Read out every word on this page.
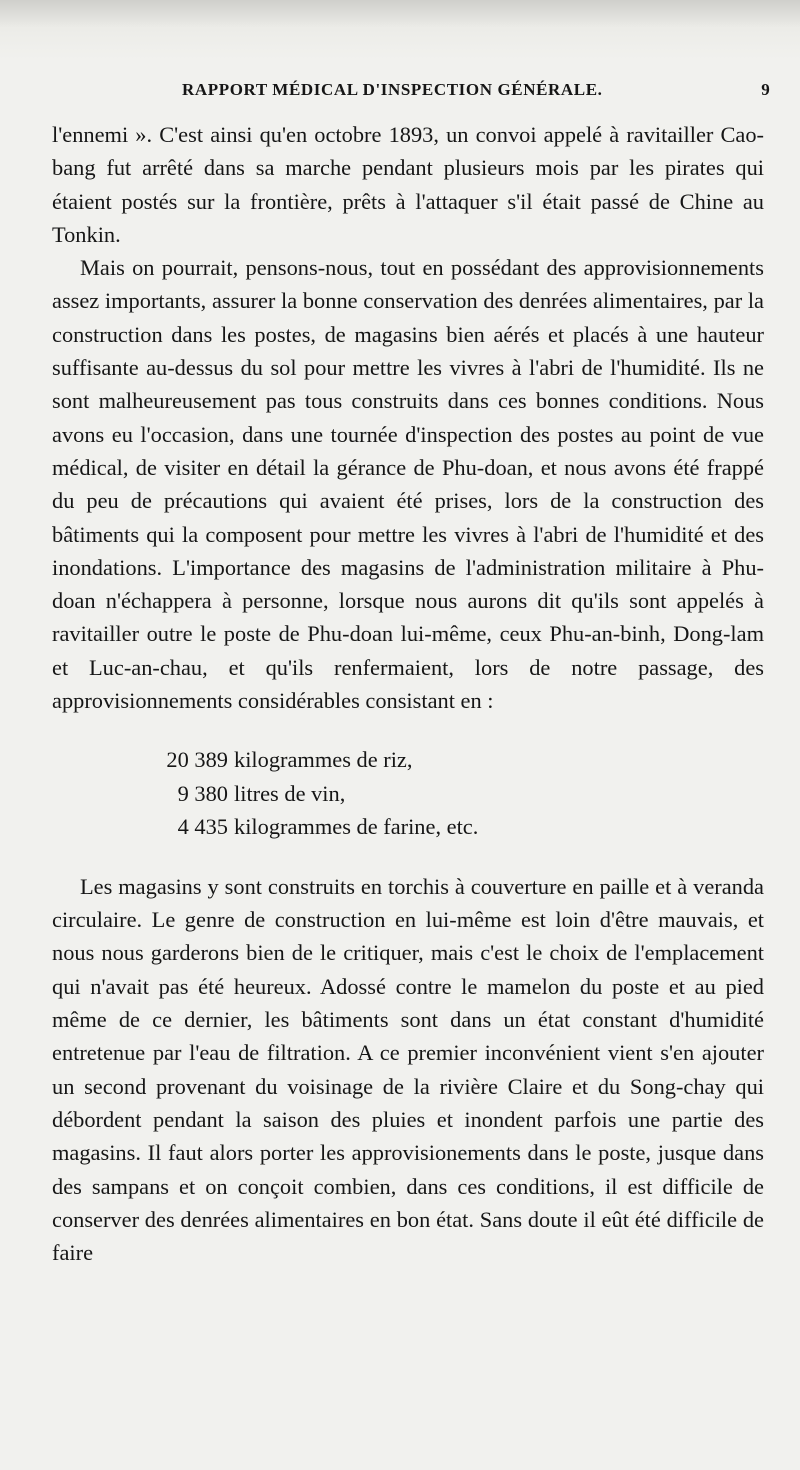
RAPPORT MÉDICAL D'INSPECTION GÉNÉRALE.	9

l'ennemi ». C'est ainsi qu'en octobre 1893, un convoi appelé à ravitailler Cao-bang fut arrêté dans sa marche pendant plusieurs mois par les pirates qui étaient postés sur la frontière, prêts à l'attaquer s'il était passé de Chine au Tonkin.

Mais on pourrait, pensons-nous, tout en possédant des approvisionnements assez importants, assurer la bonne conservation des denrées alimentaires, par la construction dans les postes, de magasins bien aérés et placés à une hauteur suffisante au-dessus du sol pour mettre les vivres à l'abri de l'humidité. Ils ne sont malheureusement pas tous construits dans ces bonnes conditions. Nous avons eu l'occasion, dans une tournée d'inspection des postes au point de vue médical, de visiter en détail la gérance de Phu-doan, et nous avons été frappé du peu de précautions qui avaient été prises, lors de la construction des bâtiments qui la composent pour mettre les vivres à l'abri de l'humidité et des inondations. L'importance des magasins de l'administration militaire à Phu-doan n'échappera à personne, lorsque nous aurons dit qu'ils sont appelés à ravitailler outre le poste de Phu-doan lui-même, ceux Phu-an-binh, Dong-lam et Luc-an-chau, et qu'ils renfermaient, lors de notre passage, des approvisionnements considérables consistant en :

20 389 kilogrammes de riz,
9 380 litres de vin,
4 435 kilogrammes de farine, etc.

Les magasins y sont construits en torchis à couverture en paille et à veranda circulaire. Le genre de construction en lui-même est loin d'être mauvais, et nous nous garderons bien de le critiquer, mais c'est le choix de l'emplacement qui n'avait pas été heureux. Adossé contre le mamelon du poste et au pied même de ce dernier, les bâtiments sont dans un état constant d'humidité entretenue par l'eau de filtration. A ce premier inconvénient vient s'en ajouter un second provenant du voisinage de la rivière Claire et du Song-chay qui débordent pendant la saison des pluies et inondent parfois une partie des magasins. Il faut alors porter les approvisionements dans le poste, jusque dans des sampans et on conçoit combien, dans ces conditions, il est difficile de conserver des denrées alimentaires en bon état. Sans doute il eût été difficile de faire
